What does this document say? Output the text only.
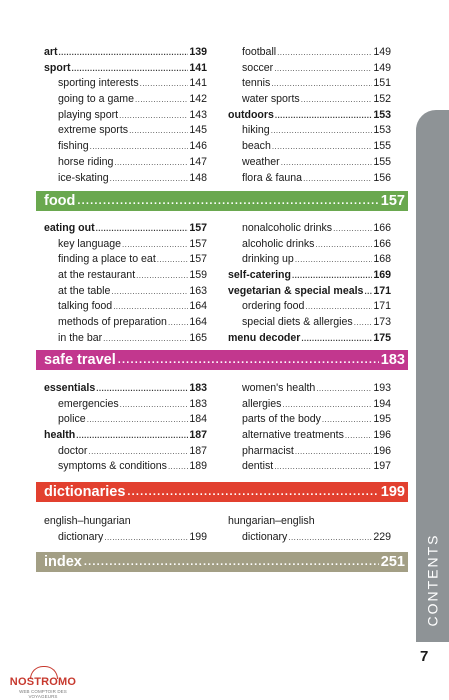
art .....	139
sport .....	141
sporting interests .....	141
going to a game .....	142
playing sport .....	143
extreme sports .....	145
fishing .....	146
horse riding .....	147
ice-skating .....	148
football .....	149
soccer .....	149
tennis .....	151
water sports .....	152
outdoors .....	153
hiking .....	153
beach .....	155
weather .....	155
flora & fauna .....	156
food .....	157
eating out .....	157
key language .....	157
finding a place to eat .....	157
at the restaurant .....	159
at the table .....	163
talking food .....	164
methods of preparation ..... 164
in the bar .....	165
nonalcoholic drinks .....	166
alcoholic drinks .....	166
drinking up .....	168
self-catering .....	169
vegetarian & special meals ..... 171
ordering food .....	171
special diets & allergies ..... 173
menu decoder .....	175
safe travel .....	183
essentials .....	183
emergencies .....	183
police .....	184
health .....	187
doctor .....	187
symptoms & conditions ..... 189
women's health .....	193
allergies .....	194
parts of the body .....	195
alternative treatments .....	196
pharmacist .....	196
dentist .....	197
dictionaries .....	199
english–hungarian
dictionary .....	199
hungarian–english
dictionary .....	229
index .....	251 CONTENTS
7
NOSTROMO
WEB COMPTOIR DES VOYAGEURS
